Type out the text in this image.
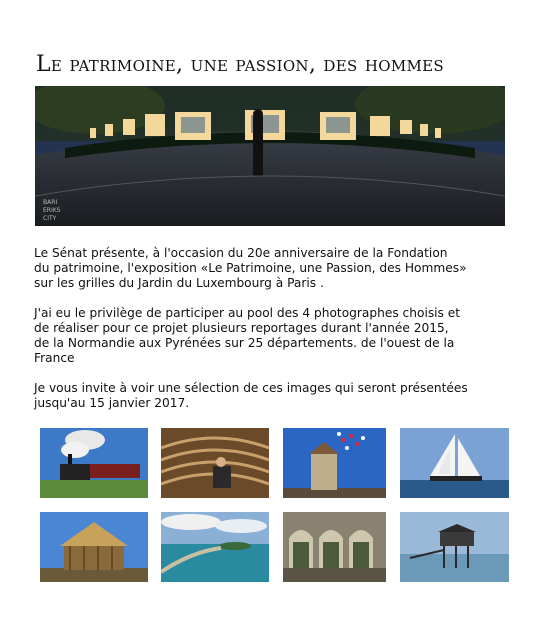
Le patrimoine, une passion, des hommes
BARI
ERIKS
CITY

Le Sénat présente, à l'occasion du 20e anniversaire de la Fondation
du patrimoine, l'exposition «Le Patrimoine, une Passion, des Hommes»
sur les grilles du Jardin du Luxembourg à Paris .

J'ai eu le privilège de participer au pool des 4 photographes choisis et
de réaliser pour ce projet plusieurs reportages durant l'année 2015,
de la Normandie aux Pyrénées sur 25 départements. de l'ouest de la
France

Je vous invite à voir une sélection de ces images qui seront présentées
jusqu'au 15 janvier 2017.
